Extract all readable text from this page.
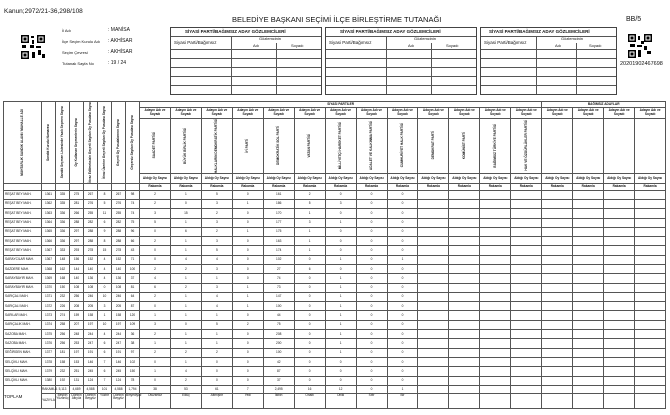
Kanun;2972/21-36,298/108
BELEDİYE BAŞKANI SEÇİMİ İLÇE BİRLEŞTİRME TUTANAĞI	BB/5
İl Adı	: MANİSA
İlçe Seçim Kurulu Adı : AKHİSAR
Seçim Çevresi	: AKHİSAR
Tutanak Sayfa No	: 19 / 24
SİYASİ PARTİ/BAĞIMSIZ ADAY GÖZLEMCİLERİ
Siyasi Parti/Bağımsız
Gözlemcinin
Adı	Soyadı
SİYASİ PARTİ/BAĞIMSIZ ADAY GÖZLEMCİLERİ
Siyasi Parti/Bağımsız
Gözlemcinin
Adı	Soyadı
SİYASİ PARTİ/BAĞIMSIZ ADAY GÖZLEMCİLERİ
Siyasi Parti/Bağımsız
Gözlemcinin
Adı	Soyadı
20201902467698
MUHTARLIK SANDIK ALANI / MAHALLE ADI	Sandık Kurulu Numarası	Sandık Seçmen Listesinde Yazılı Seçmen Sayısı	Oy Kullanan Seçmenlerin Sayısı	İtiraz Edilmeksizin Geçerli Sayılan Oy Pusulası Sayısı	İtiraz Üzerine Geçerli Sayılan Oy Pusulası Sayısı	Geçerli Oy Pusulalarının Sayısı	Geçersiz Sayılan Oy Pusulası Sayısı	SİYASİ PARTİLER													BAĞIMSIZ ADAYLAR			
								Adayın Adı ve Soyadı	Adayın Adı ve Soyadı	Adayın Adı ve Soyadı	Adayın Adı ve Soyadı	Adayın Adı ve Soyadı	Adayın Adı ve Soyadı	Adayın Adı ve Soyadı	Adayın Adı ve Soyadı	Adayın Adı ve Soyadı	Adayın Adı ve Soyadı	Adayın Adı ve Soyadı	Adayın Adı ve Soyadı	Adayın Adı ve Soyadı	Adayın Adı ve Soyadı	Adayın Adı ve Soyadı	Adayın Adı ve Soyadı	Adayın Adı ve Soyadı

								SAADET PARTİSİ	BÜYÜK BİRLİK PARTİSİ	HALKLARIN DEMOKRATİK PARTİSİ	İYİ PARTİ	DEMOKRATİK SOL PARTİ	VATAN PARTİSİ	MİLLİYETÇİ HAREKET PARTİSİ	ADALET VE KALKINMA PARTİSİ	CUMHURİYET HALK PARTİSİ	DEMOKRAT PARTİ	KOMÜNİST PARTİ	BAĞIMSIZ TÜRKİYE PARTİSİ	HAK VE ÖZGÜRLÜKLER PARTİSİ				

								Aldığı Oy Sayısı	Aldığı Oy Sayısı	Aldığı Oy Sayısı	Aldığı Oy Sayısı	Aldığı Oy Sayısı	Aldığı Oy Sayısı	Aldığı Oy Sayısı	Aldığı Oy Sayısı	Aldığı Oy Sayısı	Aldığı Oy Sayısı	Aldığı Oy Sayısı	Aldığı Oy Sayısı	Aldığı Oy Sayısı	Aldığı Oy Sayısı	Aldığı Oy Sayısı	Aldığı Oy Sayısı	Aldığı Oy Sayısı
								Rakamla	Rakamla	Rakamla	Rakamla	Rakamla	Rakamla	Rakamla	Rakamla	Rakamla	Rakamla	Rakamla	Rakamla	Rakamla	Rakamla	Rakamla	Rakamla	Rakamla
REŞAT BEY MAH.	1361	335	275	267	8	267	98	2	1	5	0	161	2	0	0	0								
REŞAT BEY MAH.	1362	335	281	276	5	276	74	2	0	3	1	186	5	3	0	0								
REŞAT BEY MAH.	1363	336	266	255	11	255	74	3	15	2	0	170	1	0	0	0								
REŞAT BEY MAH.	1364	336	288	282	6	282	75	5	1	3	0	177	3	1	0	0								
REŞAT BEY MAH.	1365	336	297	288	9	288	96	0	6	2	1	175	1	0	0	0								
REŞAT BEY MAH.	1366	336	297	288	8	288	66	2	1	3	0	163	1	0	0	0								
REŞAT BEY MAH.	1367	333	293	278	15	278	43	0	1	5	0	174	1	0	0	0								
SARAYCILAR MAH.	1367	148	156	152	4	152	71	0	4	4	0	102	0	1	0	1								
SAZDERE MAH.	1368	162	144	140	4	140	100	2	2	3	0	27	6	0	0	0								
SARAYBAYIR MAH.	1369	168	140	136	4	136	37	4	1	1	0	74	0	1	0	0								
SARAYBAYIR MAH.	1370	150	108	108	0	108	81	6	2	3	1	73	0	1	0	0								
SARIÇALI MAH.	1371	232	256	246	10	246	64	2	1	4	1	147	0	1	0	0								
SARIÇALI MAH.	1372	226	208	205	3	205	87	0	1	4	1	100	0	1	0	0								
SARILAR MAH.	1373	274	159	158	1	158	120	1	1	1	0	44	0	1	0	0								
SARIÇALIK MAH.	1374	258	207	197	10	197	109	3	0	5	2	75	0	1	0	0								
SAZOBA MAH.	1375	256	248	244	4	244	36	2	1	1	0	208	0	1	0	0								
SAZOBA MAH.	1376	256	253	247	6	247	38	1	1	1	0	200	0	1	0	0								
SEĞİRGEN MAH.	1377	181	197	191	6	191	97	2	2	2	0	100	0	1	0	0								
SELÇİKLI MAH.	1378	158	153	146	7	146	102	0	1	0	0	42	0	0	0	0								
SELÇİKLI MAH.	1379	232	251	245	6	245	150	1	4	0	0	87	0	0	0	0								
SELÇİKLI MAH.	1380	192	131	124	7	124	78	0	2	0	0	37	0	0	0	0								

TOPLAM	RAKAMLA	5,113	4,689	4,588	101	4,588	1,794	38	53	61	7	2,495	16	12	0	1								
	YAZIYLA	Beşbin Yüzonüç	Dörtbin Altıyüz	Dörtbin Beşyüz	Yüzbir	Dörtbin Beşyüz	Binyediyüz	Otuzsekiz	Elliüç	Altmışbir	Yedi	İkibin	Onaltı	Oniki	Sıfır	Bir								
